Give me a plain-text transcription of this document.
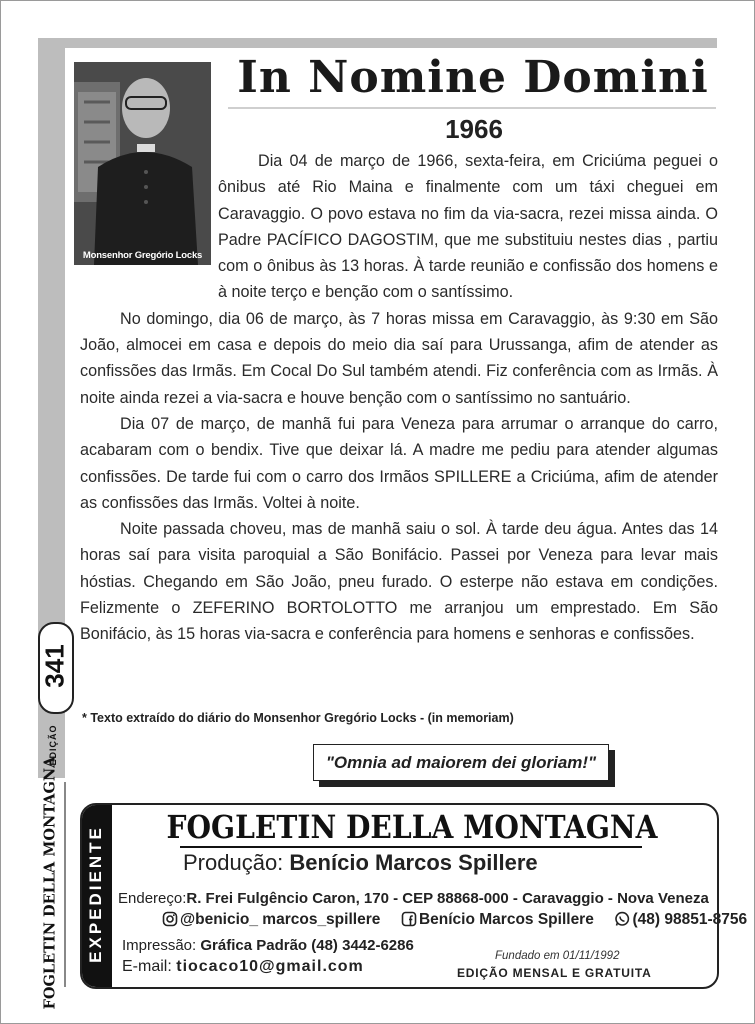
Monsenhor Gregório Locks
In Nomine Domini
1966

Dia 04 de março de 1966, sexta-feira, em Criciúma peguei o ônibus até Rio Maina e finalmente com um táxi cheguei em Caravaggio. O povo estava no fim da via-sacra, rezei missa ainda. O Padre PACÍFICO DAGOSTIM, que me substituiu nestes dias , partiu com o ônibus às 13 horas. À tarde reunião e confissão dos homens e à noite terço e benção com o santíssimo.

No domingo, dia 06 de março, às 7 horas missa em Caravaggio, às 9:30 em São João, almocei em casa e depois do meio dia saí para Urussanga, afim de atender as confissões das Irmãs. Em Cocal Do Sul também atendi. Fiz conferência com as Irmãs. À noite ainda rezei a via-sacra e houve benção com o santíssimo no santuário.

Dia 07 de março, de manhã fui para Veneza para arrumar o arranque do carro, acabaram com o bendix. Tive que deixar lá. A madre me pediu para atender algumas confissões. De tarde fui com o carro dos Irmãos SPILLERE a Criciúma, afim de atender as confissões das Irmãs. Voltei à noite.

Noite passada choveu, mas de manhã saiu o sol. À tarde deu água. Antes das 14 horas saí para visita paroquial a São Bonifácio. Passei por Veneza para levar mais hóstias. Chegando em São João, pneu furado. O esterpe não estava em condições. Felizmente o ZEFERINO BORTOLOTTO me arranjou um emprestado. Em São Bonifácio, às 15 horas via-sacra e conferência para homens e senhoras e confissões.

* Texto extraído do diário do Monsenhor Gregório Locks - (in memoriam)
341
EDIÇÃO	"Omnia ad maiorem dei gloriam!"
FOGLETIN DELLA MONTAGNA EXPEDIENTE	FOGLETIN DELLA MONTAGNA
Produção: Benício Marcos Spillere
Endereço:R. Frei Fulgêncio Caron, 170 - CEP 88868-000 - Caravaggio - Nova Veneza
@benicio_ marcos_spillere Benício Marcos Spillere (48) 98851-8756
Impressão: Gráfica Padrão (48) 3442-6286
E-mail: tiocaco10@gmail.com
Fundado em 01/11/1992
EDIÇÃO MENSAL E GRATUITA
